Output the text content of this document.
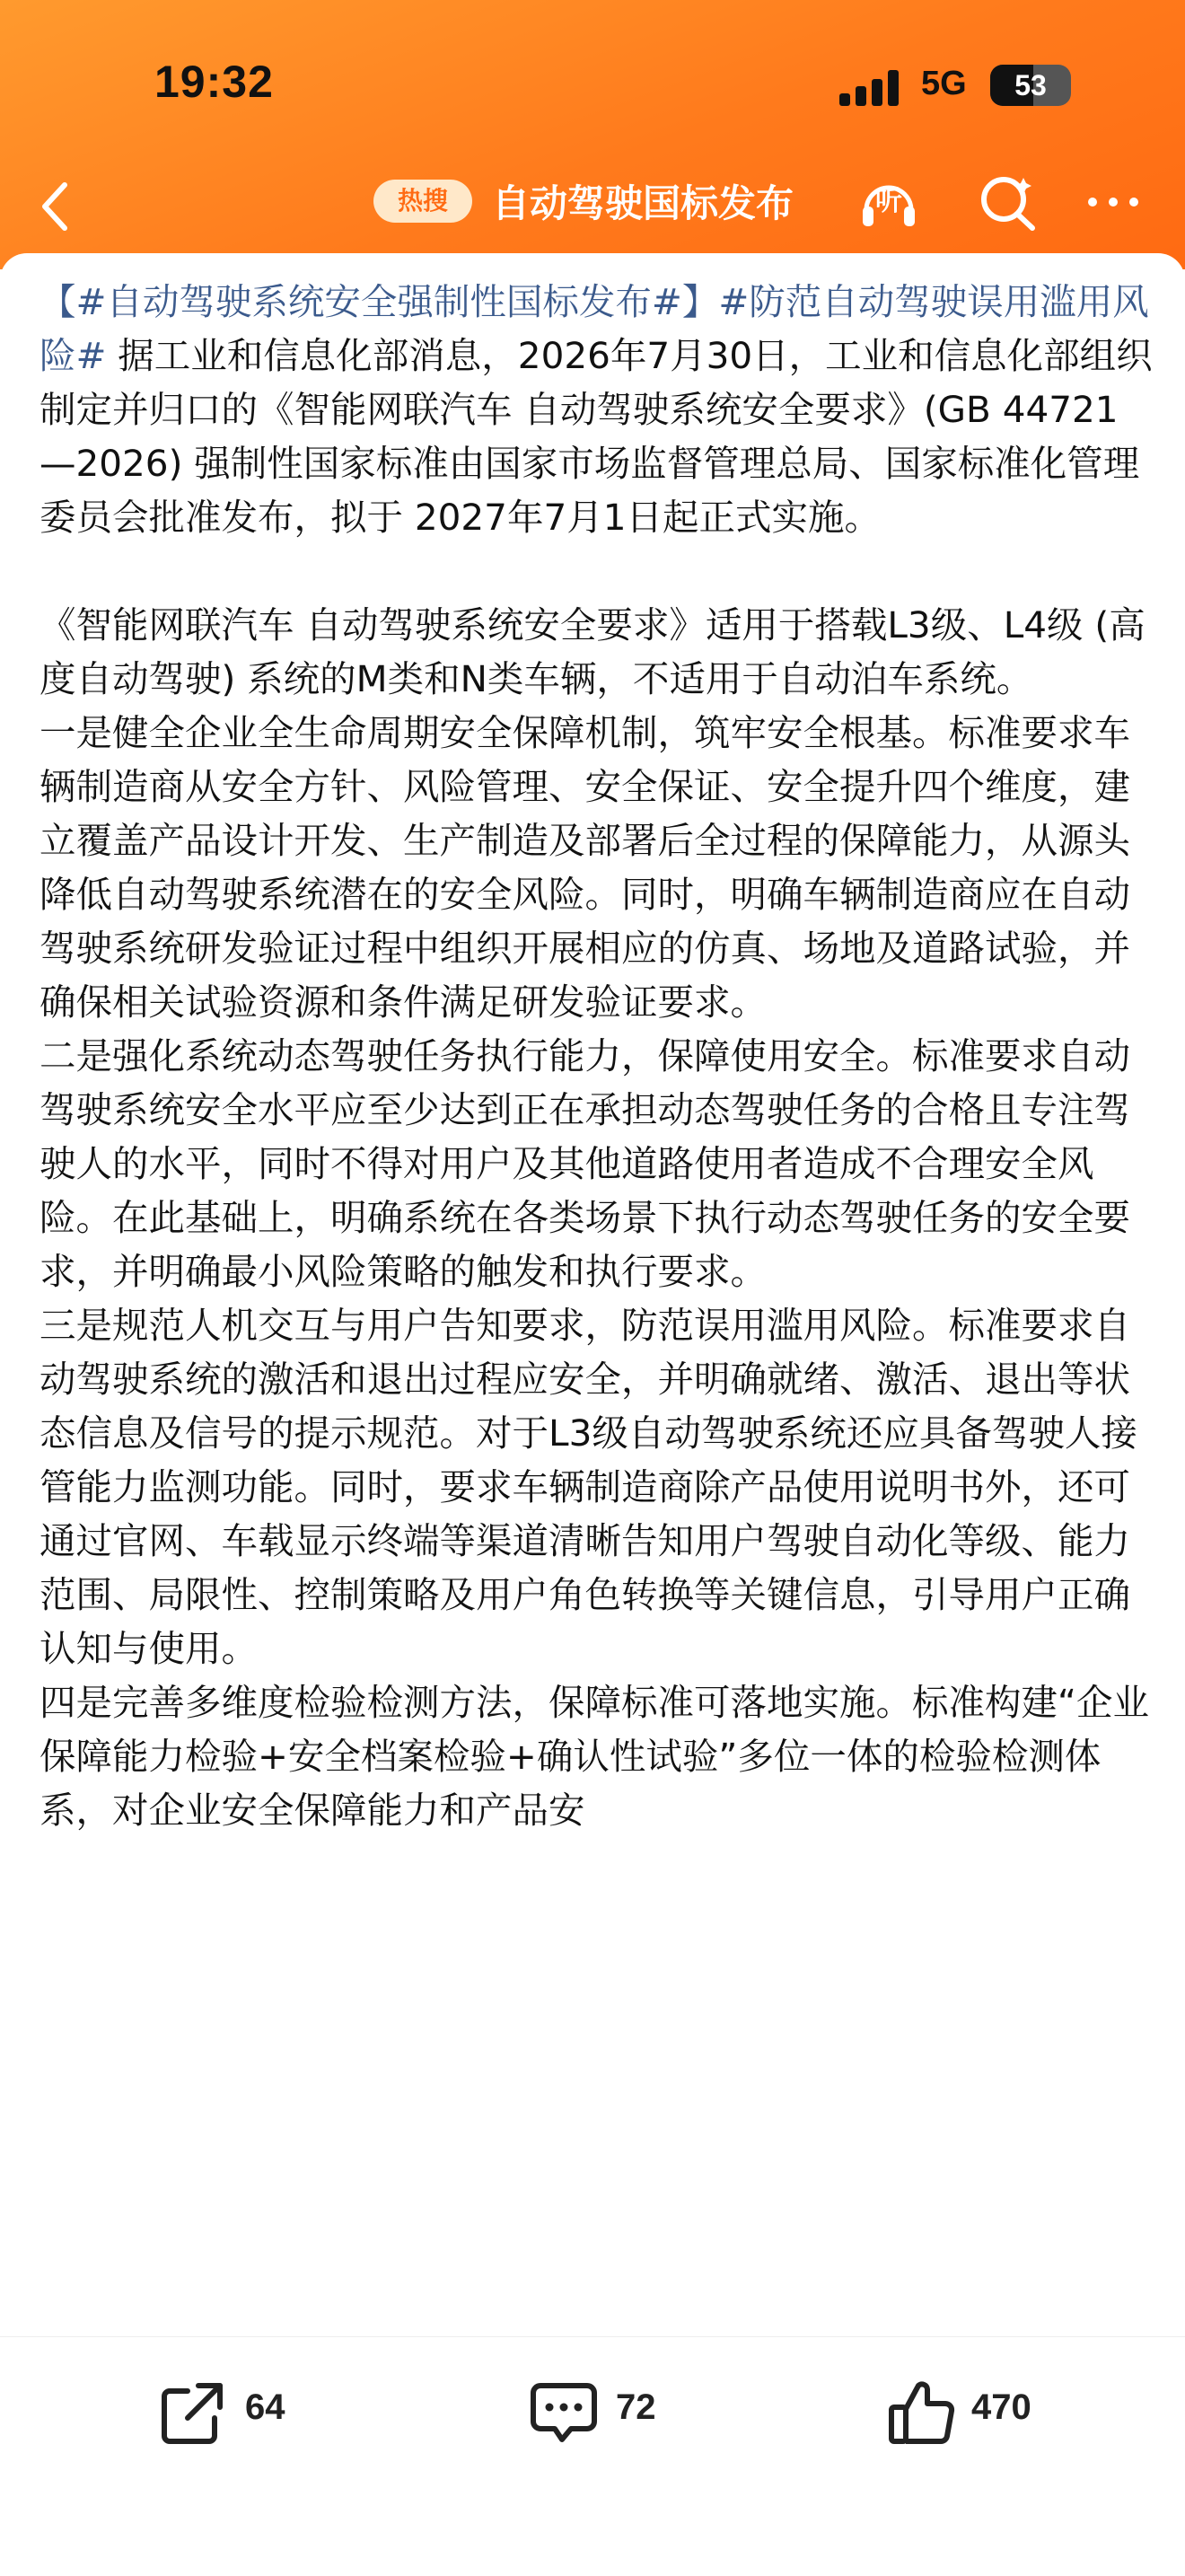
19:32	5G	53
热搜	自动驾驶国标发布	听

【#自动驾驶系统安全强制性国标发布#】#防范自动驾驶误用滥用风险# 据工业和信息化部消息，2026年7月30日，工业和信息化部组织制定并归口的《智能网联汽车 自动驾驶系统安全要求》(GB 44721—2026) 强制性国家标准由国家市场监督管理总局、国家标准化管理委员会批准发布，拟于 2027年7月1日起正式实施。

《智能网联汽车 自动驾驶系统安全要求》适用于搭载L3级、L4级 (高度自动驾驶) 系统的M类和N类车辆，不适用于自动泊车系统。

一是健全企业全生命周期安全保障机制，筑牢安全根基。标准要求车辆制造商从安全方针、风险管理、安全保证、安全提升四个维度，建立覆盖产品设计开发、生产制造及部署后全过程的保障能力，从源头降低自动驾驶系统潜在的安全风险。同时，明确车辆制造商应在自动驾驶系统研发验证过程中组织开展相应的仿真、场地及道路试验，并确保相关试验资源和条件满足研发验证要求。

二是强化系统动态驾驶任务执行能力，保障使用安全。标准要求自动驾驶系统安全水平应至少达到正在承担动态驾驶任务的合格且专注驾驶人的水平，同时不得对用户及其他道路使用者造成不合理安全风险。在此基础上，明确系统在各类场景下执行动态驾驶任务的安全要求，并明确最小风险策略的触发和执行要求。

三是规范人机交互与用户告知要求，防范误用滥用风险。标准要求自动驾驶系统的激活和退出过程应安全，并明确就绪、激活、退出等状态信息及信号的提示规范。对于L3级自动驾驶系统还应具备驾驶人接管能力监测功能。同时，要求车辆制造商除产品使用说明书外，还可通过官网、车载显示终端等渠道清晰告知用户驾驶自动化等级、能力范围、局限性、控制策略及用户角色转换等关键信息，引导用户正确认知与使用。

四是完善多维度检验检测方法，保障标准可落地实施。标准构建“企业保障能力检验+安全档案检验+确认性试验”多位一体的检验检测体系，对企业安全保障能力和产品安

64	72	470
